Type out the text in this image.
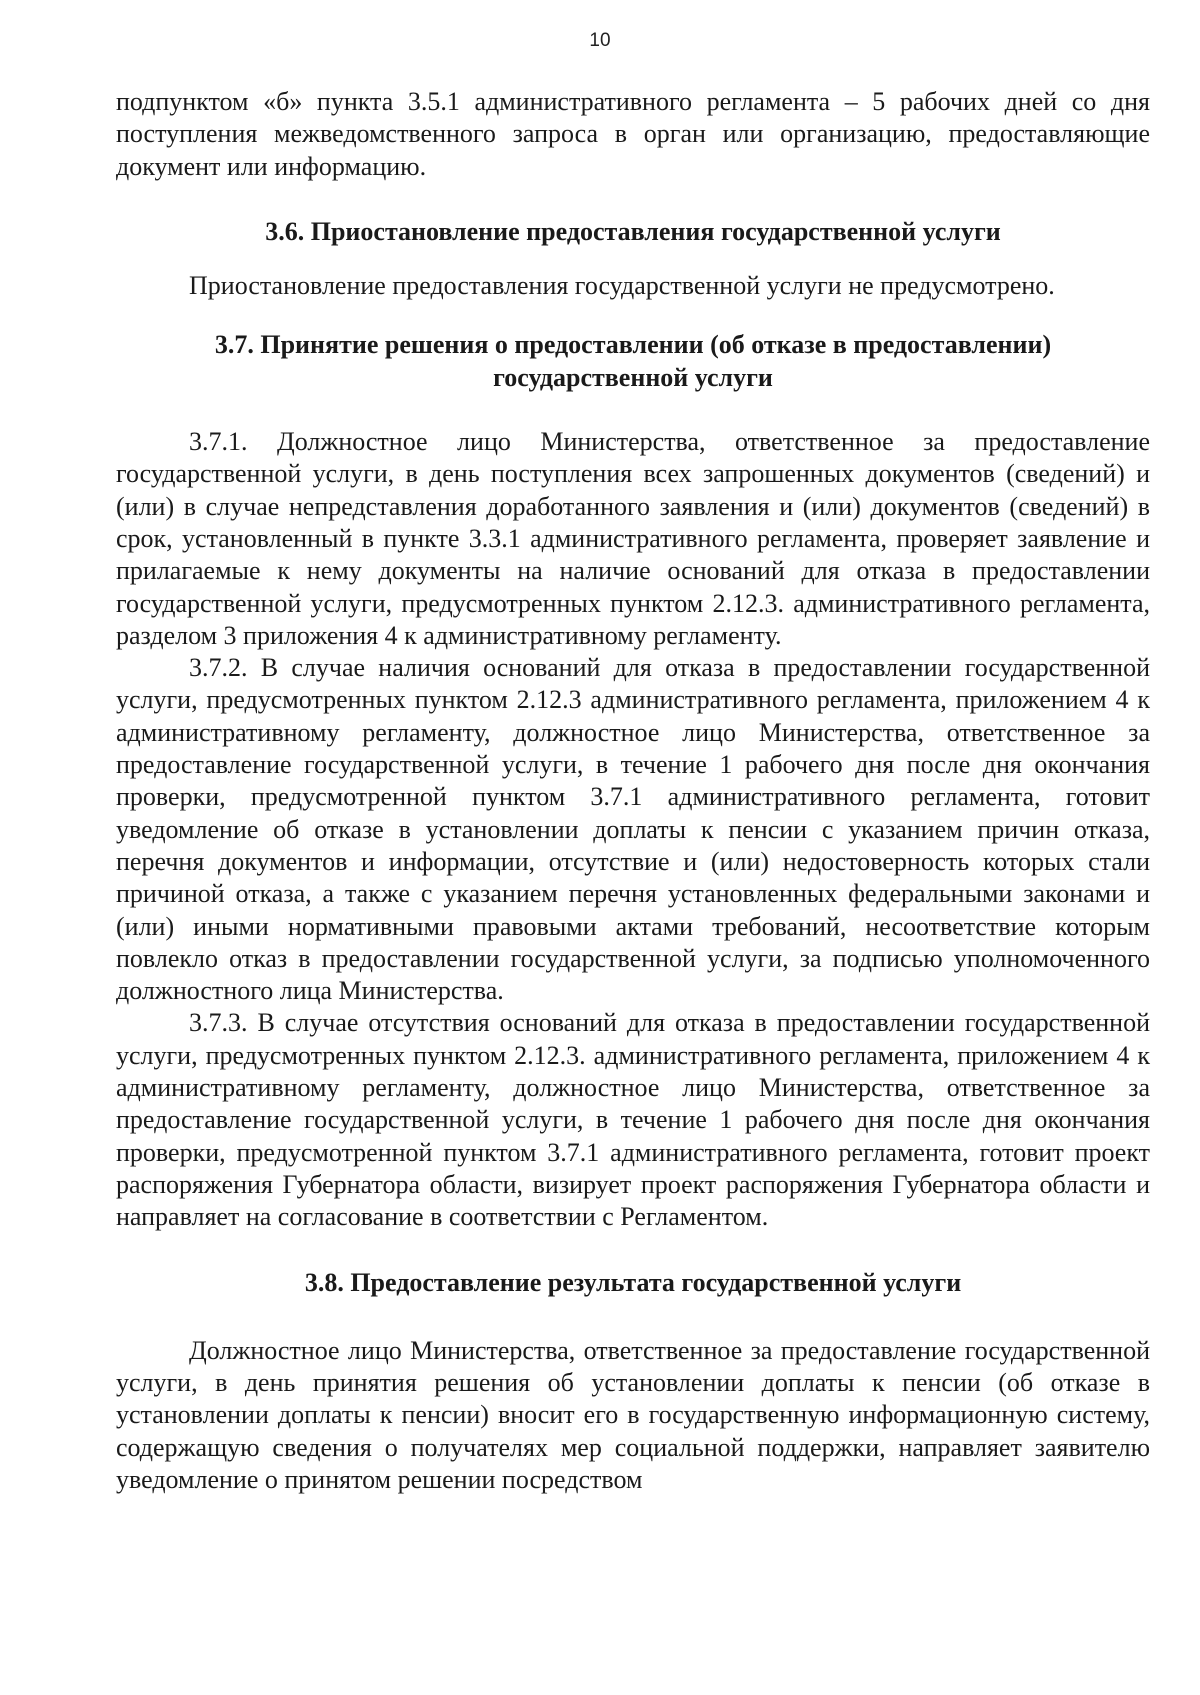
10

подпунктом «б» пункта 3.5.1 административного регламента – 5 рабочих дней со дня поступления межведомственного запроса в орган или организацию, предоставляющие документ или информацию.

3.6. Приостановление предоставления государственной услуги

Приостановление предоставления государственной услуги не предусмотрено.

3.7. Принятие решения о предоставлении (об отказе в предоставлении) государственной услуги

3.7.1. Должностное лицо Министерства, ответственное за предоставление государственной услуги, в день поступления всех запрошенных документов (сведений) и (или) в случае непредставления доработанного заявления и (или) документов (сведений) в срок, установленный в пункте 3.3.1 административного регламента, проверяет заявление и прилагаемые к нему документы на наличие оснований для отказа в предоставлении государственной услуги, предусмотренных пунктом 2.12.3. административного регламента, разделом 3 приложения 4 к административному регламенту.

3.7.2. В случае наличия оснований для отказа в предоставлении государственной услуги, предусмотренных пунктом 2.12.3 административного регламента, приложением 4 к административному регламенту, должностное лицо Министерства, ответственное за предоставление государственной услуги, в течение 1 рабочего дня после дня окончания проверки, предусмотренной пунктом 3.7.1 административного регламента, готовит уведомление об отказе в установлении доплаты к пенсии с указанием причин отказа, перечня документов и информации, отсутствие и (или) недостоверность которых стали причиной отказа, а также с указанием перечня установленных федеральными законами и (или) иными нормативными правовыми актами требований, несоответствие которым повлекло отказ в предоставлении государственной услуги, за подписью уполномоченного должностного лица Министерства.

3.7.3. В случае отсутствия оснований для отказа в предоставлении государственной услуги, предусмотренных пунктом 2.12.3. административного регламента, приложением 4 к административному регламенту, должностное лицо Министерства, ответственное за предоставление государственной услуги, в течение 1 рабочего дня после дня окончания проверки, предусмотренной пунктом 3.7.1 административного регламента, готовит проект распоряжения Губернатора области, визирует проект распоряжения Губернатора области и направляет на согласование в соответствии с Регламентом.

3.8. Предоставление результата государственной услуги

Должностное лицо Министерства, ответственное за предоставление государственной услуги, в день принятия решения об установлении доплаты к пенсии (об отказе в установлении доплаты к пенсии) вносит его в государственную информационную систему, содержащую сведения о получателях мер социальной поддержки, направляет заявителю уведомление о принятом решении посредством
